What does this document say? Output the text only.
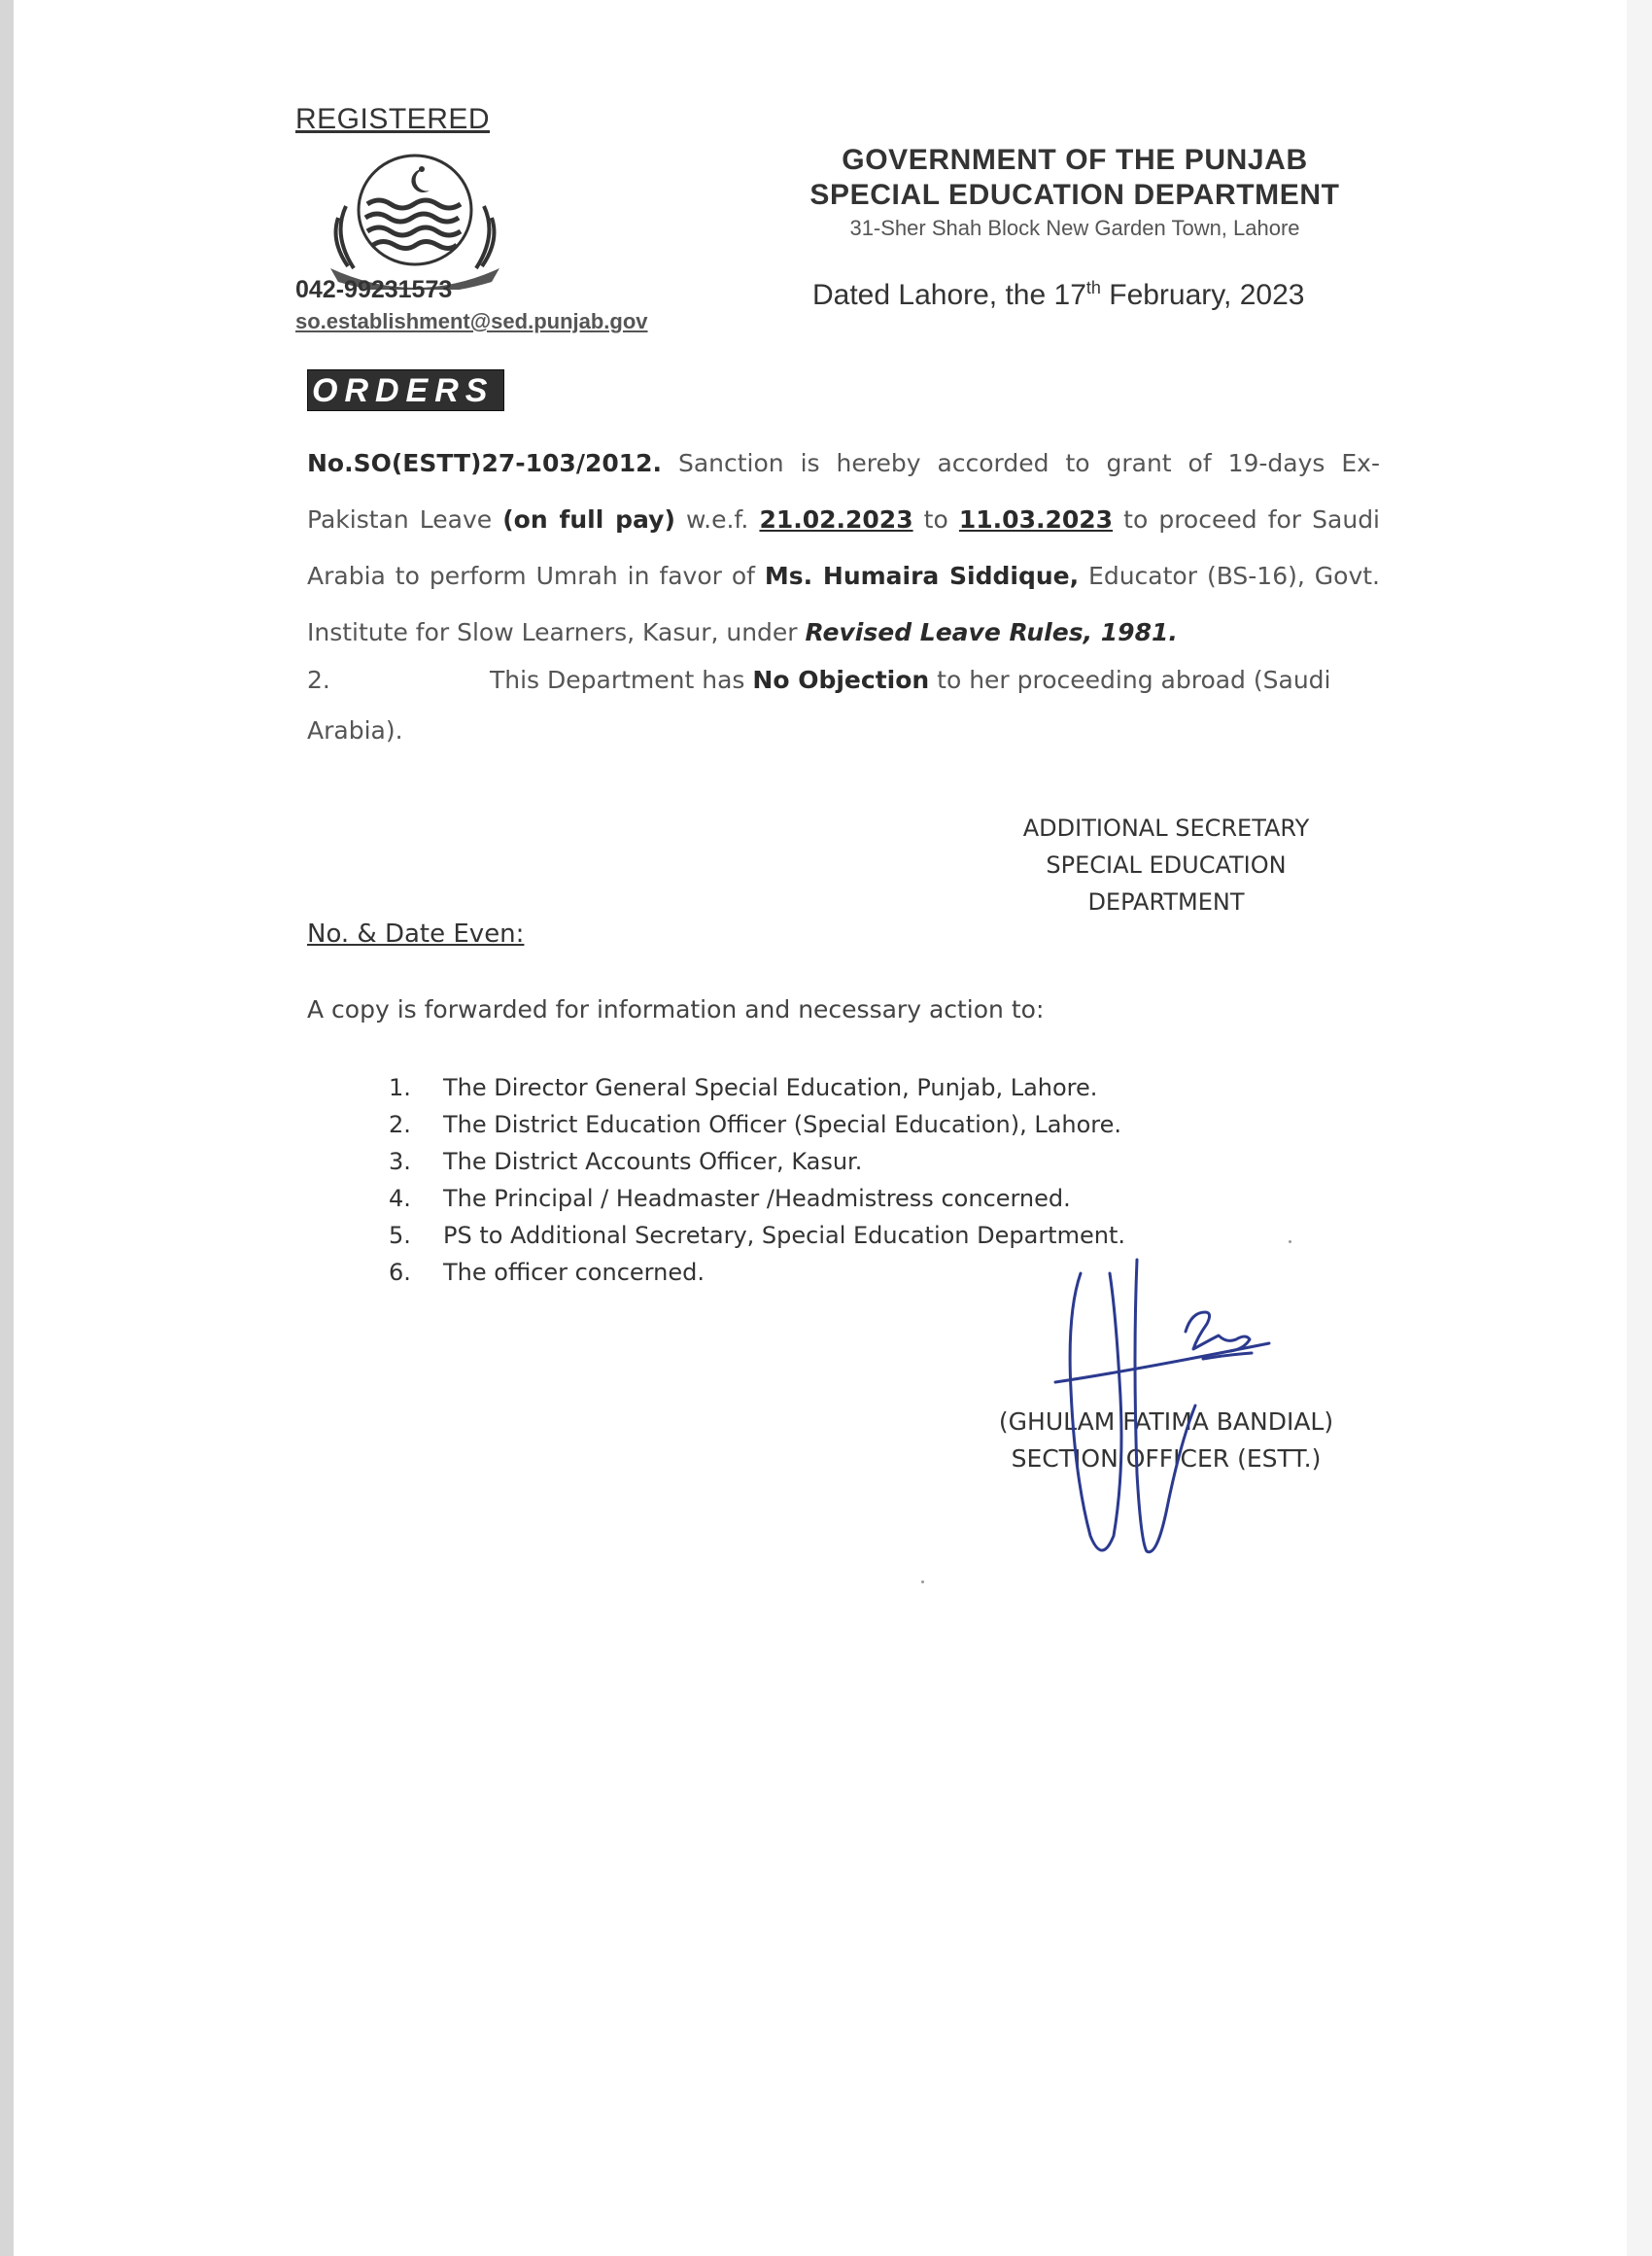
REGISTERED
042-99231573
so.establishment@sed.punjab.gov
GOVERNMENT OF THE PUNJAB
SPECIAL EDUCATION DEPARTMENT
31-Sher Shah Block New Garden Town, Lahore
Dated Lahore, the 17th February, 2023
ORDERS
No.SO(ESTT)27-103/2012. Sanction is hereby accorded to grant of 19-days Ex-Pakistan Leave (on full pay) w.e.f. 21.02.2023 to 11.03.2023 to proceed for Saudi Arabia to perform Umrah in favor of Ms. Humaira Siddique, Educator (BS-16), Govt. Institute for Slow Learners, Kasur, under Revised Leave Rules, 1981.
2.	This Department has No Objection to her proceeding abroad (Saudi Arabia).
ADDITIONAL SECRETARY
SPECIAL EDUCATION
DEPARTMENT
No. & Date Even:
A copy is forwarded for information and necessary action to:
1. The Director General Special Education, Punjab, Lahore.
2. The District Education Officer (Special Education), Lahore.
3. The District Accounts Officer, Kasur.
4. The Principal / Headmaster /Headmistress concerned.
5. PS to Additional Secretary, Special Education Department.
6. The officer concerned.
(GHULAM FATIMA BANDIAL)
SECTION OFFICER (ESTT.)
